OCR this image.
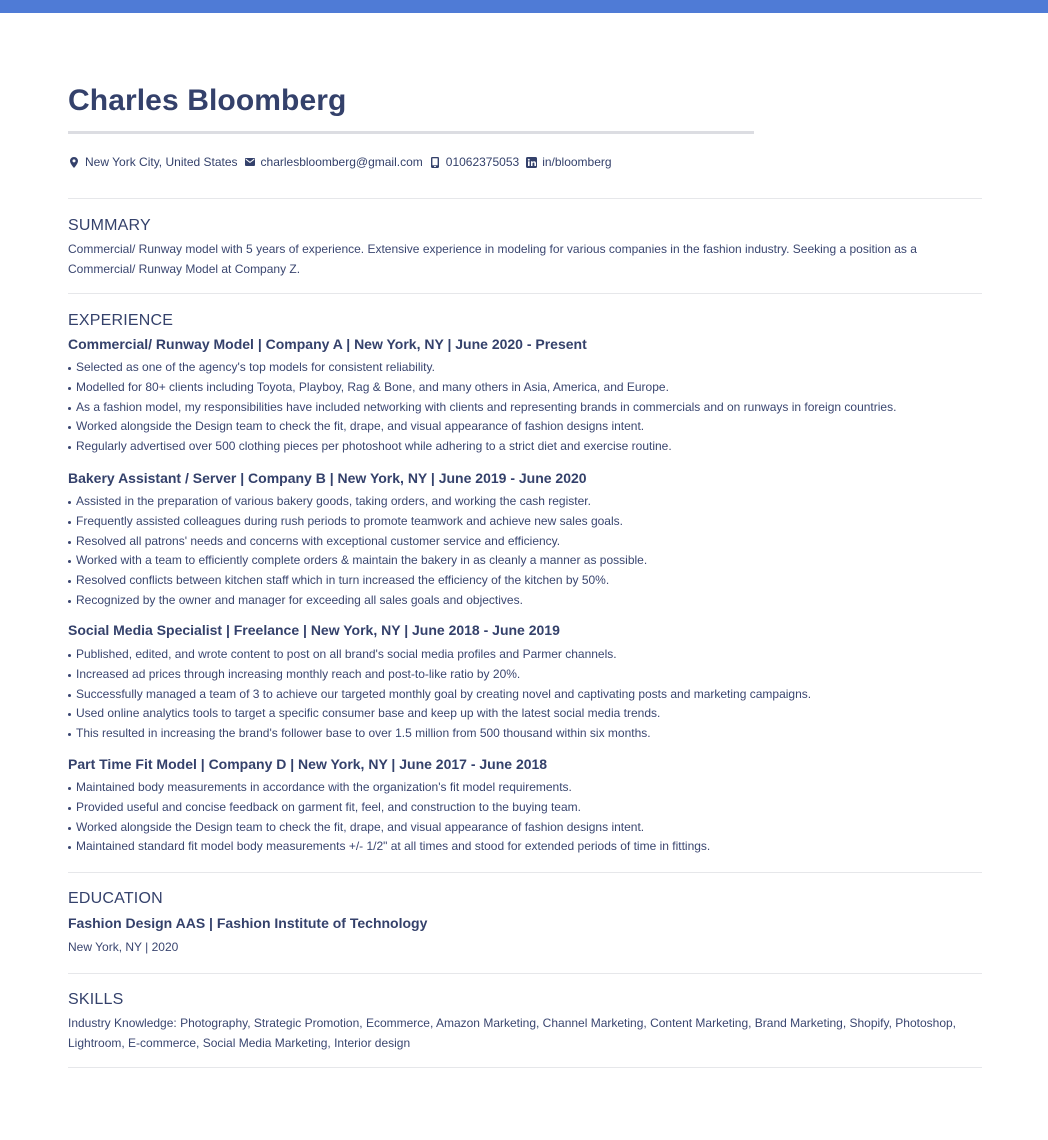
Charles Bloomberg
New York City, United States charlesbloomberg@gmail.com 01062375053 in/bloomberg
SUMMARY
Commercial/ Runway model with 5 years of experience. Extensive experience in modeling for various companies in the fashion industry. Seeking a position as a Commercial/ Runway Model at Company Z.
EXPERIENCE
Commercial/ Runway Model | Company A | New York, NY | June 2020 - Present
Selected as one of the agency's top models for consistent reliability.
Modelled for 80+ clients including Toyota, Playboy, Rag & Bone, and many others in Asia, America, and Europe.
As a fashion model, my responsibilities have included networking with clients and representing brands in commercials and on runways in foreign countries.
Worked alongside the Design team to check the fit, drape, and visual appearance of fashion designs intent.
Regularly advertised over 500 clothing pieces per photoshoot while adhering to a strict diet and exercise routine.
Bakery Assistant / Server | Company B | New York, NY | June 2019 - June 2020
Assisted in the preparation of various bakery goods, taking orders, and working the cash register.
Frequently assisted colleagues during rush periods to promote teamwork and achieve new sales goals.
Resolved all patrons' needs and concerns with exceptional customer service and efficiency.
Worked with a team to efficiently complete orders & maintain the bakery in as cleanly a manner as possible.
Resolved conflicts between kitchen staff which in turn increased the efficiency of the kitchen by 50%.
Recognized by the owner and manager for exceeding all sales goals and objectives.
Social Media Specialist | Freelance | New York, NY | June 2018 - June 2019
Published, edited, and wrote content to post on all brand's social media profiles and Parmer channels.
Increased ad prices through increasing monthly reach and post-to-like ratio by 20%.
Successfully managed a team of 3 to achieve our targeted monthly goal by creating novel and captivating posts and marketing campaigns.
Used online analytics tools to target a specific consumer base and keep up with the latest social media trends.
This resulted in increasing the brand's follower base to over 1.5 million from 500 thousand within six months.
Part Time Fit Model | Company D | New York, NY | June 2017 - June 2018
Maintained body measurements in accordance with the organization's fit model requirements.
Provided useful and concise feedback on garment fit, feel, and construction to the buying team.
Worked alongside the Design team to check the fit, drape, and visual appearance of fashion designs intent.
Maintained standard fit model body measurements +/- 1/2" at all times and stood for extended periods of time in fittings.
EDUCATION
Fashion Design AAS | Fashion Institute of Technology
New York, NY | 2020
SKILLS
Industry Knowledge: Photography, Strategic Promotion, Ecommerce, Amazon Marketing, Channel Marketing, Content Marketing, Brand Marketing, Shopify, Photoshop, Lightroom, E-commerce, Social Media Marketing, Interior design
